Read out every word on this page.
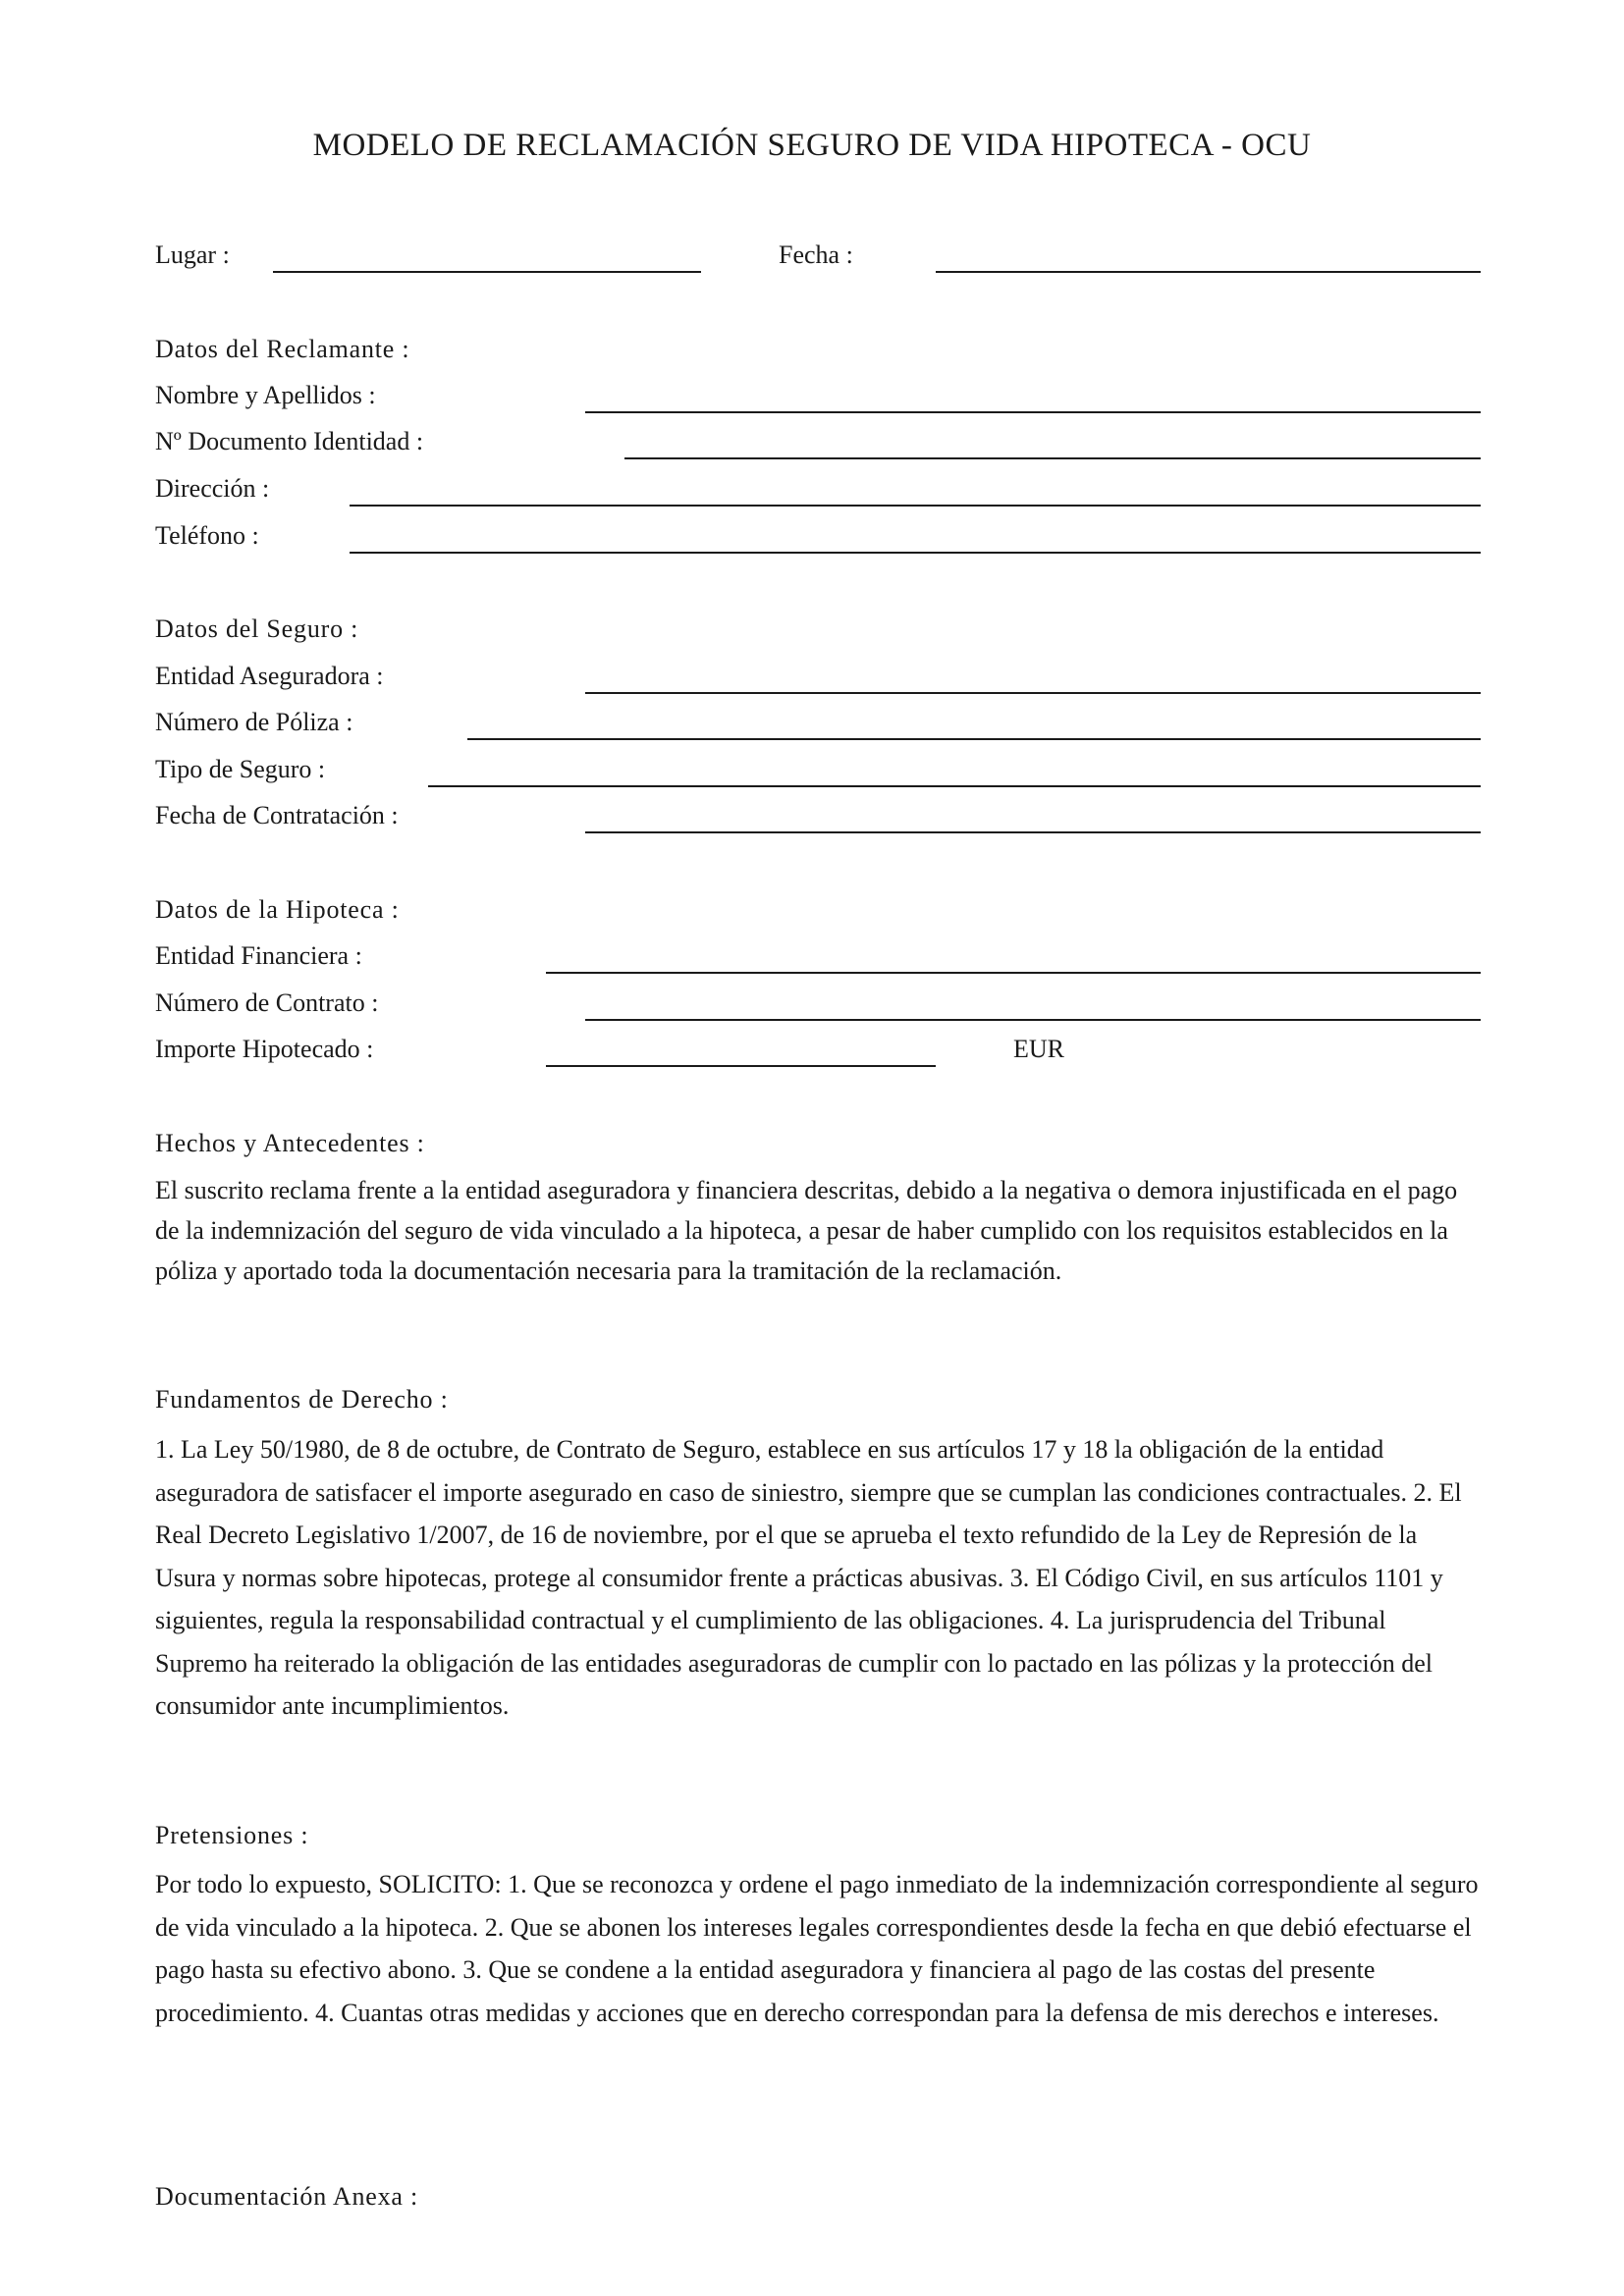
MODELO DE RECLAMACIÓN SEGURO DE VIDA HIPOTECA - OCU
Lugar :	Fecha :
Datos del Reclamante :
Nombre y Apellidos :
Nº Documento Identidad :
Dirección :
Teléfono :
Datos del Seguro :
Entidad Aseguradora :
Número de Póliza :
Tipo de Seguro :
Fecha de Contratación :
Datos de la Hipoteca :
Entidad Financiera :
Número de Contrato :
Importe Hipotecado :	EUR
Hechos y Antecedentes :
El suscrito reclama frente a la entidad aseguradora y financiera descritas, debido a la negativa o demora injustificada en el pago de la indemnización del seguro de vida vinculado a la hipoteca, a pesar de haber cumplido con los requisitos establecidos en la póliza y aportado toda la documentación necesaria para la tramitación de la reclamación.
Fundamentos de Derecho :
1. La Ley 50/1980, de 8 de octubre, de Contrato de Seguro, establece en sus artículos 17 y 18 la obligación de la entidad aseguradora de satisfacer el importe asegurado en caso de siniestro, siempre que se cumplan las condiciones contractuales. 2. El Real Decreto Legislativo 1/2007, de 16 de noviembre, por el que se aprueba el texto refundido de la Ley de Represión de la Usura y normas sobre hipotecas, protege al consumidor frente a prácticas abusivas. 3. El Código Civil, en sus artículos 1101 y siguientes, regula la responsabilidad contractual y el cumplimiento de las obligaciones. 4. La jurisprudencia del Tribunal Supremo ha reiterado la obligación de las entidades aseguradoras de cumplir con lo pactado en las pólizas y la protección del consumidor ante incumplimientos.
Pretensiones :
Por todo lo expuesto, SOLICITO: 1. Que se reconozca y ordene el pago inmediato de la indemnización correspondiente al seguro de vida vinculado a la hipoteca. 2. Que se abonen los intereses legales correspondientes desde la fecha en que debió efectuarse el pago hasta su efectivo abono. 3. Que se condene a la entidad aseguradora y financiera al pago de las costas del presente procedimiento. 4. Cuantas otras medidas y acciones que en derecho correspondan para la defensa de mis derechos e intereses.
Documentación Anexa :
